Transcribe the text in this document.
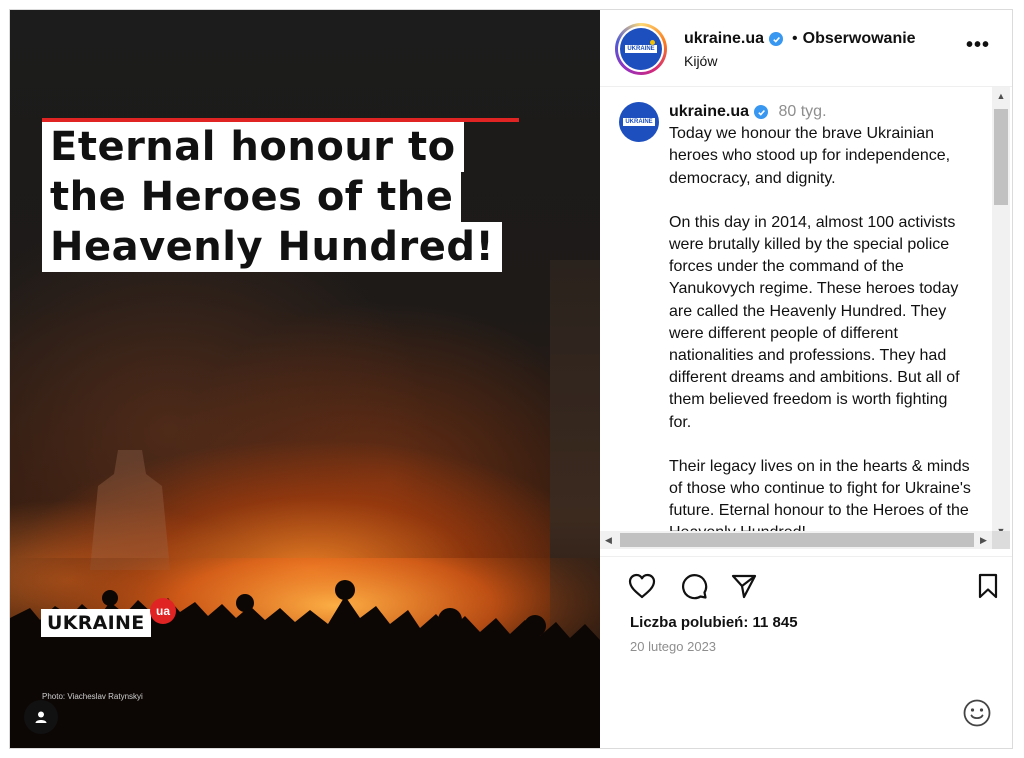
Eternal honour to
the Heroes of the
Heavenly Hundred!
UKRAINE
ua
Photo: Viacheslav Ratynskyi
UKRAINE
ukraine.ua • Obserwowanie
Kijów
•••
UKRAINE
ukraine.ua 80 tyg.

Today we honour the brave Ukrainian heroes who stood up for independence, democracy, and dignity.

On this day in 2014, almost 100 activists were brutally killed by the special police forces under the command of the Yanukovych regime. These heroes today are called the Heavenly Hundred. They were different people of different nationalities and professions. They had different dreams and ambitions. But all of them believed freedom is worth fighting for.

Their legacy lives on in the hearts & minds of those who continue to fight for Ukraine's future. Eternal honour to the Heroes of the

▲
◀	▶
Liczba polubień: 11 845
20 lutego 2023
